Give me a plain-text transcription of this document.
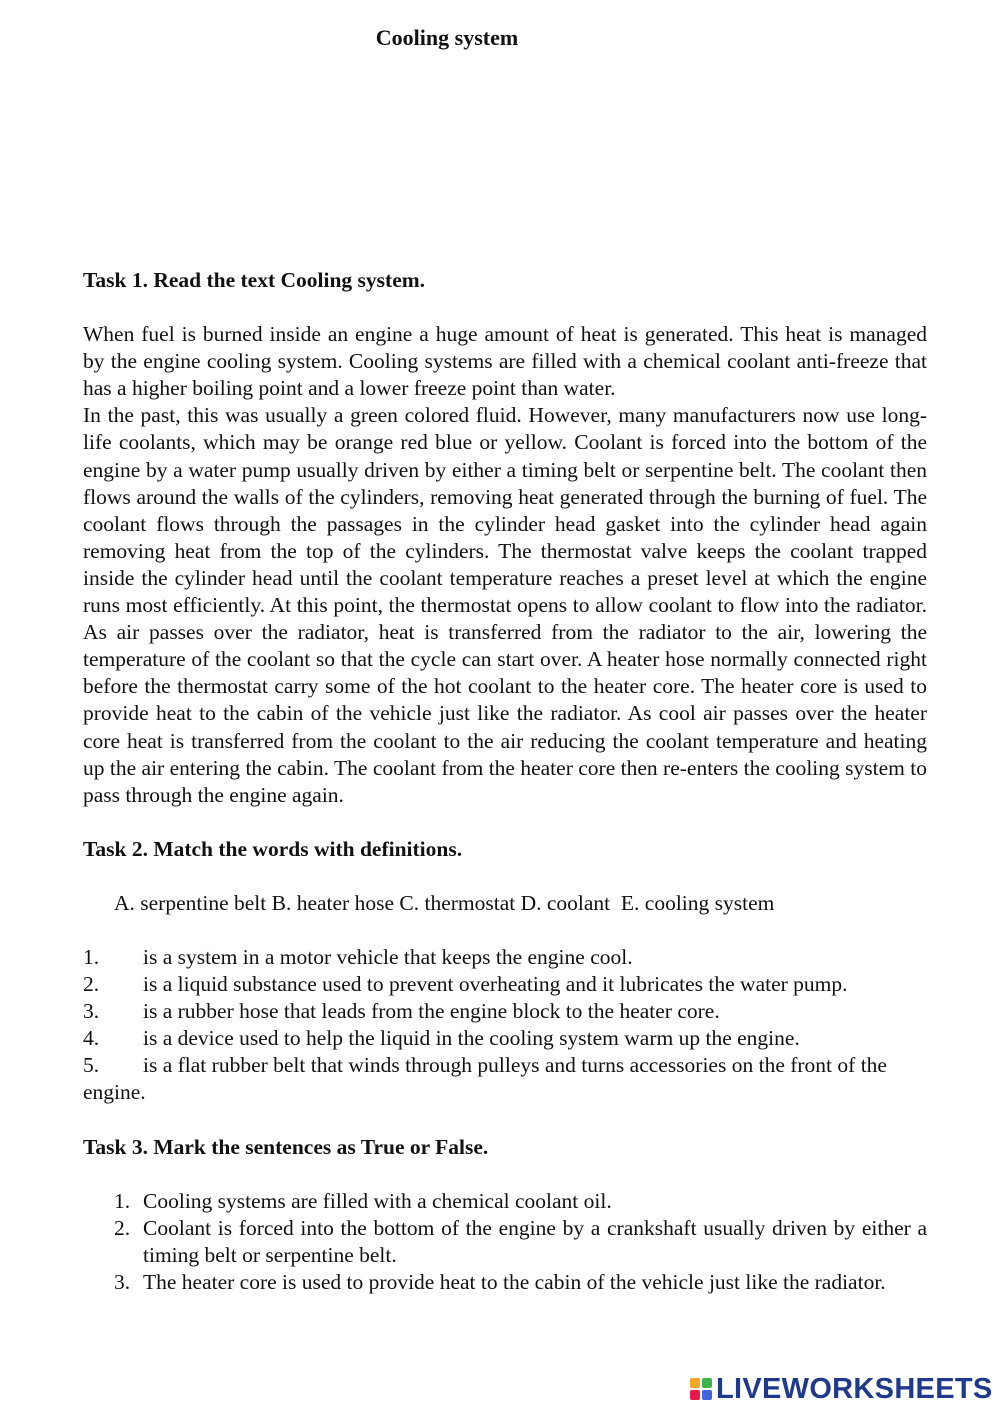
Cooling system
Task 1. Read the text Cooling system.

When fuel is burned inside an engine a huge amount of heat is generated. This heat is managed by the engine cooling system. Cooling systems are filled with a chemical coolant anti-freeze that has a higher boiling point and a lower freeze point than water.

In the past, this was usually a green colored fluid. However, many manufacturers now use long-life coolants, which may be orange red blue or yellow. Coolant is forced into the bottom of the engine by a water pump usually driven by either a timing belt or serpentine belt. The coolant then flows around the walls of the cylinders, removing heat generated through the burning of fuel. The coolant flows through the passages in the cylinder head gasket into the cylinder head again removing heat from the top of the cylinders. The thermostat valve keeps the coolant trapped inside the cylinder head until the coolant temperature reaches a preset level at which the engine runs most efficiently. At this point, the thermostat opens to allow coolant to flow into the radiator. As air passes over the radiator, heat is transferred from the radiator to the air, lowering the temperature of the coolant so that the cycle can start over. A heater hose normally connected right before the thermostat carry some of the hot coolant to the heater core. The heater core is used to provide heat to the cabin of the vehicle just like the radiator. As cool air passes over the heater core heat is transferred from the coolant to the air reducing the coolant temperature and heating up the air entering the cabin. The coolant from the heater core then re-enters the cooling system to pass through the engine again.

Task 2. Match the words with definitions.
A. serpentine belt B. heater hose C. thermostat D. coolant  E. cooling system
1. is a system in a motor vehicle that keeps the engine cool.
2. is a liquid substance used to prevent overheating and it lubricates the water pump.
3. is a rubber hose that leads from the engine block to the heater core.
4. is a device used to help the liquid in the cooling system warm up the engine.
5. is a flat rubber belt that winds through pulleys and turns accessories on the front of the engine.
Task 3. Mark the sentences as True or False.
1. Cooling systems are filled with a chemical coolant oil.
2. Coolant is forced into the bottom of the engine by a crankshaft usually driven by either a timing belt or serpentine belt.
3. The heater core is used to provide heat to the cabin of the vehicle just like the radiator.
LIVEWORKSHEETS
